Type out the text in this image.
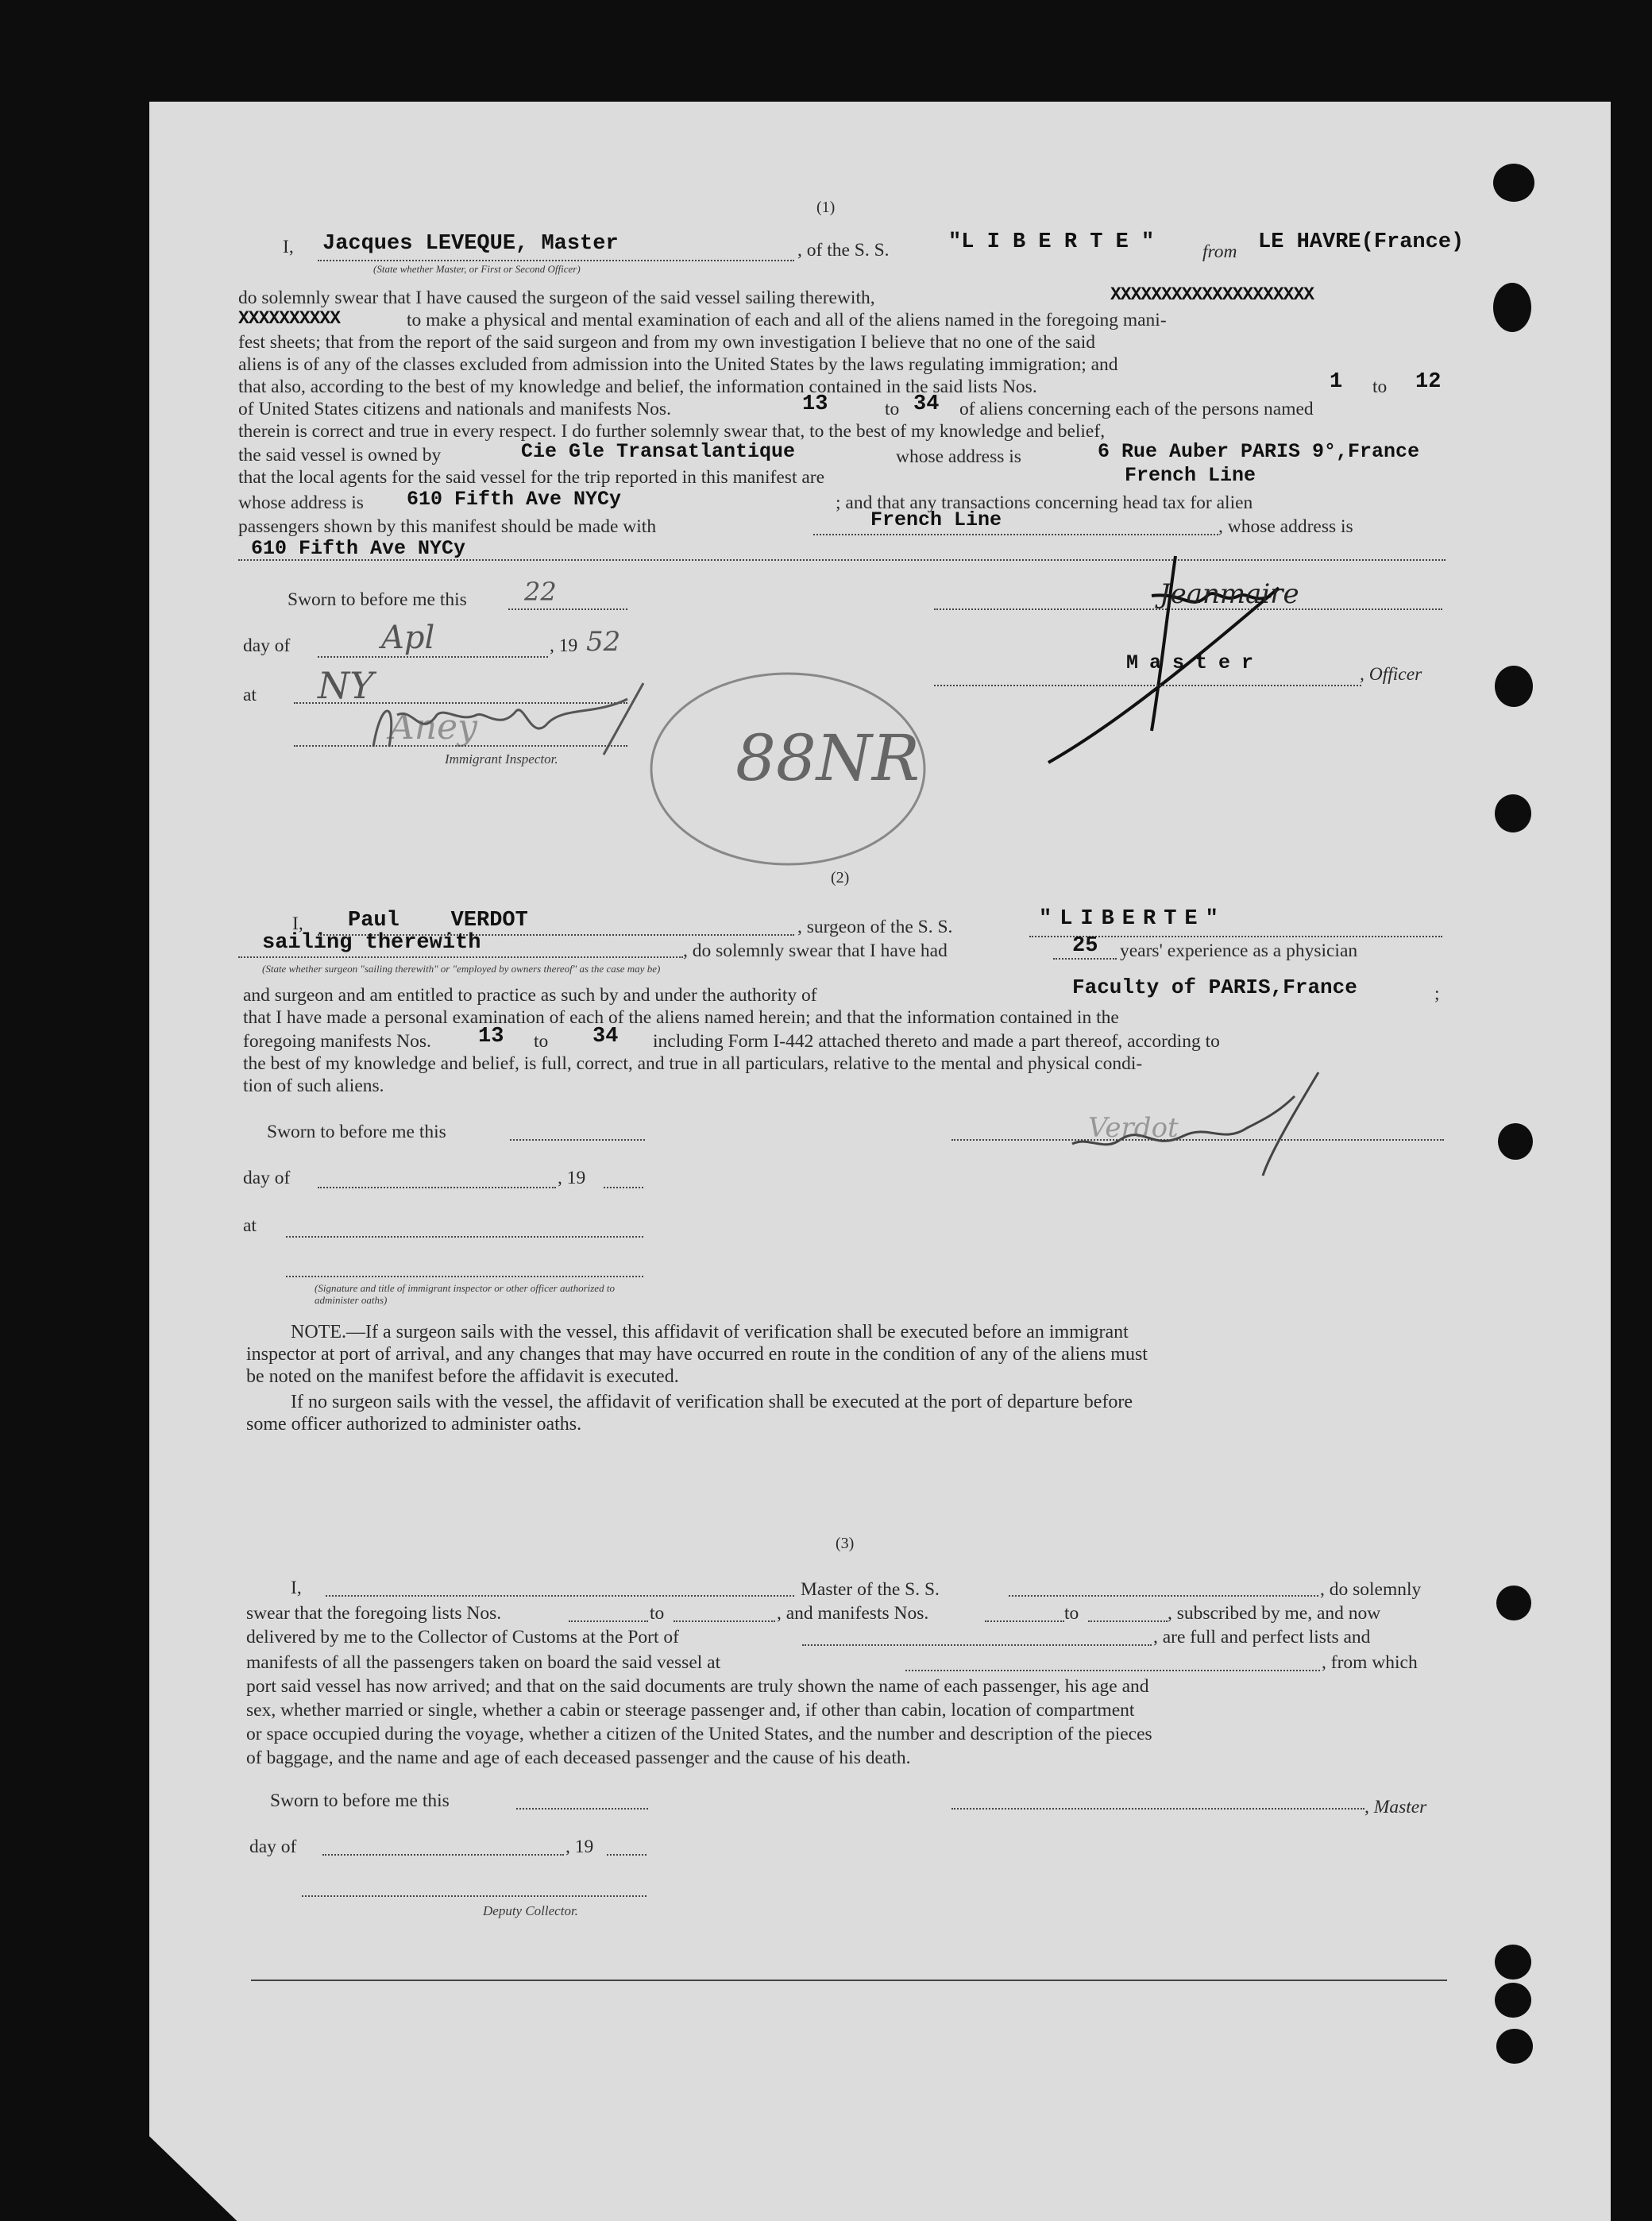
(1)
I, Jacques LEVEQUE, Master
(State whether Master, or First or Second Officer)
, of the S. S.	"L I B E R T E "	from LE HAVRE(France)
do solemnly swear that I have caused the surgeon of the said vessel sailing therewith,	XXXXXXXXXXXXXXXXXXXX
XXXXXXXXXX	to make a physical and mental examination of each and all of the aliens named in the foregoing mani-
fest sheets; that from the report of the said surgeon and from my own investigation I believe that no one of the said
aliens is of any of the classes excluded from admission into the United States by the laws regulating immigration; and
that also, according to the best of my knowledge and belief, the information contained in the said lists Nos.	1 to 12
of United States citizens and nationals and manifests Nos.	13	to 34 of aliens concerning each of the persons named
therein is correct and true in every respect. I do further solemnly swear that, to the best of my knowledge and belief,
the said vessel is owned by	Cie Gle Transatlantique	whose address is	6 Rue Auber PARIS 9°,France
that the local agents for the said vessel for the trip reported in this manifest are	French Line
whose address is 610 Fifth Ave NYCy	; and that any transactions concerning head tax for alien
passengers shown by this manifest should be made with	French Line	, whose address is
610 Fifth Ave NYCy
Sworn to before me this 22
day of	Apl	, 19 52
at NY
Aney
Immigrant Inspector.	88NR
Jeanmaire
Master	, Officer
(2)
I, Paul    VERDOT	, surgeon of the S. S.	"LIBERTE"
sailing therewith
(State whether surgeon "sailing therewith" or "employed by owners thereof" as the case may be)
, do solemnly swear that I have had	25 years' experience as a physician
and surgeon and am entitled to practice as such by and under the authority of	Faculty of PARIS,France	;
that I have made a personal examination of each of the aliens named herein; and that the information contained in the
foregoing manifests Nos. 13 to 34 including Form I-442 attached thereto and made a part thereof, according to
the best of my knowledge and belief, is full, correct, and true in all particulars, relative to the mental and physical condi-
tion of such aliens.
Sworn to before me this
day of	, 19
at
(Signature and title of immigrant inspector or other officer authorized to administer oaths)
Verdot
NOTE.—If a surgeon sails with the vessel, this affidavit of verification shall be executed before an immigrant
inspector at port of arrival, and any changes that may have occurred en route in the condition of any of the aliens must
be noted on the manifest before the affidavit is executed.
If no surgeon sails with the vessel, the affidavit of verification shall be executed at the port of departure before
some officer authorized to administer oaths.
(3)
I,	Master of the S. S.	, do solemnly
swear that the foregoing lists Nos.	to	, and manifests Nos.	to	, subscribed by me, and now
delivered by me to the Collector of Customs at the Port of	, are full and perfect lists and
manifests of all the passengers taken on board the said vessel at	, from which
port said vessel has now arrived; and that on the said documents are truly shown the name of each passenger, his age and
sex, whether married or single, whether a cabin or steerage passenger and, if other than cabin, location of compartment
or space occupied during the voyage, whether a citizen of the United States, and the number and description of the pieces
of baggage, and the name and age of each deceased passenger and the cause of his death.
Sworn to before me this	, Master
day of	, 19
Deputy Collector.
